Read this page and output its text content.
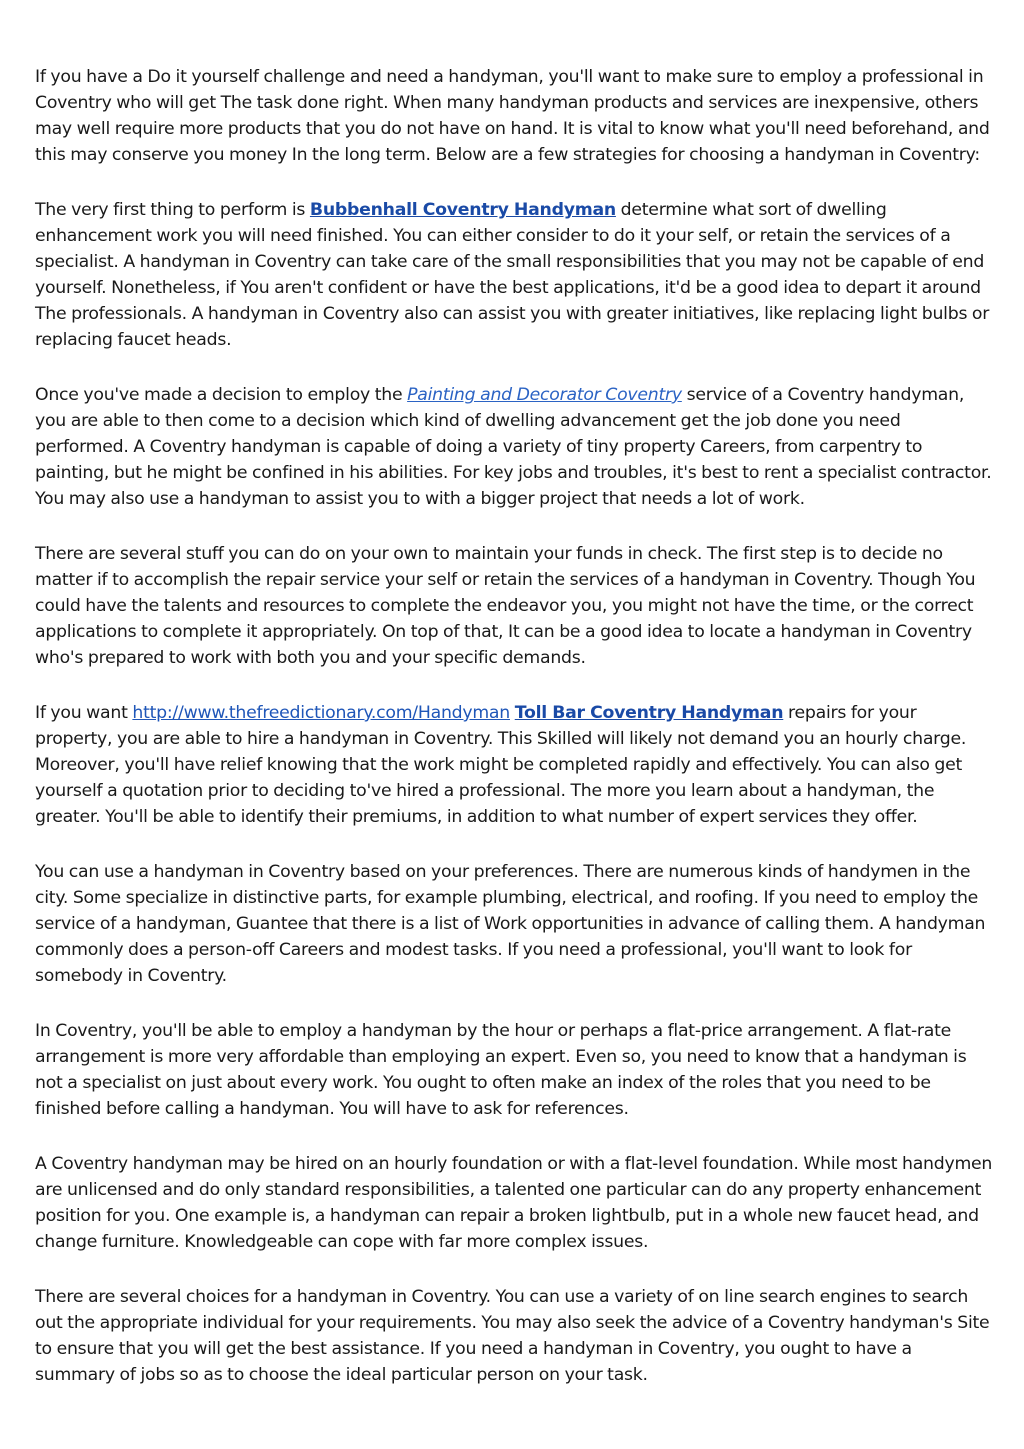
If you have a Do it yourself challenge and need a handyman, you'll want to make sure to employ a professional in Coventry who will get The task done right. When many handyman products and services are inexpensive, others may well require more products that you do not have on hand. It is vital to know what you'll need beforehand, and this may conserve you money In the long term. Below are a few strategies for choosing a handyman in Coventry:

The very first thing to perform is Bubbenhall Coventry Handyman determine what sort of dwelling enhancement work you will need finished. You can either consider to do it your self, or retain the services of a specialist. A handyman in Coventry can take care of the small responsibilities that you may not be capable of end yourself. Nonetheless, if You aren't confident or have the best applications, it'd be a good idea to depart it around The professionals. A handyman in Coventry also can assist you with greater initiatives, like replacing light bulbs or replacing faucet heads.

Once you've made a decision to employ the Painting and Decorator Coventry service of a Coventry handyman, you are able to then come to a decision which kind of dwelling advancement get the job done you need performed. A Coventry handyman is capable of doing a variety of tiny property Careers, from carpentry to painting, but he might be confined in his abilities. For key jobs and troubles, it's best to rent a specialist contractor. You may also use a handyman to assist you to with a bigger project that needs a lot of work.

There are several stuff you can do on your own to maintain your funds in check. The first step is to decide no matter if to accomplish the repair service your self or retain the services of a handyman in Coventry. Though You could have the talents and resources to complete the endeavor you, you might not have the time, or the correct applications to complete it appropriately. On top of that, It can be a good idea to locate a handyman in Coventry who's prepared to work with both you and your specific demands.

If you want http://www.thefreedictionary.com/Handyman Toll Bar Coventry Handyman repairs for your property, you are able to hire a handyman in Coventry. This Skilled will likely not demand you an hourly charge. Moreover, you'll have relief knowing that the work might be completed rapidly and effectively. You can also get yourself a quotation prior to deciding to've hired a professional. The more you learn about a handyman, the greater. You'll be able to identify their premiums, in addition to what number of expert services they offer.

You can use a handyman in Coventry based on your preferences. There are numerous kinds of handymen in the city. Some specialize in distinctive parts, for example plumbing, electrical, and roofing. If you need to employ the service of a handyman, Guantee that there is a list of Work opportunities in advance of calling them. A handyman commonly does a person-off Careers and modest tasks. If you need a professional, you'll want to look for somebody in Coventry.

In Coventry, you'll be able to employ a handyman by the hour or perhaps a flat-price arrangement. A flat-rate arrangement is more very affordable than employing an expert. Even so, you need to know that a handyman is not a specialist on just about every work. You ought to often make an index of the roles that you need to be finished before calling a handyman. You will have to ask for references.

A Coventry handyman may be hired on an hourly foundation or with a flat-level foundation. While most handymen are unlicensed and do only standard responsibilities, a talented one particular can do any property enhancement position for you. One example is, a handyman can repair a broken lightbulb, put in a whole new faucet head, and change furniture. Knowledgeable can cope with far more complex issues.

There are several choices for a handyman in Coventry. You can use a variety of on line search engines to search out the appropriate individual for your requirements. You may also seek the advice of a Coventry handyman's Site to ensure that you will get the best assistance. If you need a handyman in Coventry, you ought to have a summary of jobs so as to choose the ideal particular person on your task.
